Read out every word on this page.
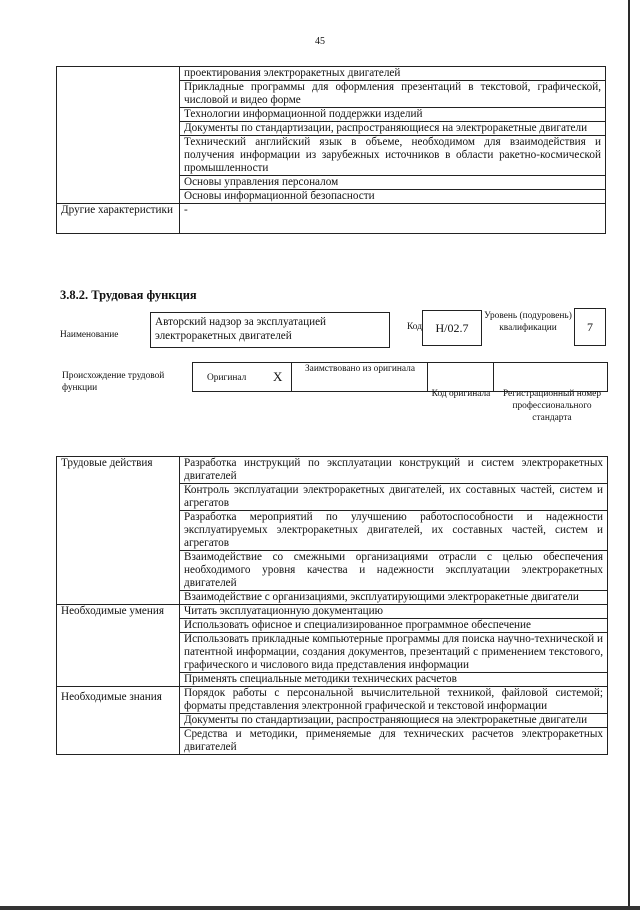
45
	проектирования электроракетных двигателей
	Прикладные программы для оформления презентаций в текстовой, графической, числовой и видео форме
	Технологии информационной поддержки изделий
	Документы по стандартизации, распространяющиеся на электроракетные двигатели
	Технический английский язык в объеме, необходимом для взаимодействия и получения информации из зарубежных источников в области ракетно-космической промышленности
	Основы управления персоналом
	Основы информационной безопасности
Другие характеристики	-
3.8.2. Трудовая функция
Наименование
Авторский надзор за эксплуатацией электроракетных двигателей
Код	H/02.7
Уровень (подуровень) квалификации	7
Происхождение трудовой функции
Оригинал X	Заимствовано из оригинала
Код оригинала	Регистрационный номер профессионального стандарта
Трудовые действия	Разработка инструкций по эксплуатации конструкций и систем электроракетных двигателей
	Контроль эксплуатации электроракетных двигателей, их составных частей, систем и агрегатов
	Разработка мероприятий по улучшению работоспособности и надежности эксплуатируемых электроракетных двигателей, их составных частей, систем и агрегатов
	Взаимодействие со смежными организациями отрасли с целью обеспечения необходимого уровня качества и надежности эксплуатации электроракетных двигателей
	Взаимодействие с организациями, эксплуатирующими электроракетные двигатели
Необходимые умения	Читать эксплуатационную документацию
	Использовать офисное и специализированное программное обеспечение
	Использовать прикладные компьютерные программы для поиска научно-технической и патентной информации, создания документов, презентаций с применением текстового, графического и числового вида представления информации
	Применять специальные методики технических расчетов
Необходимые знания	Порядок работы с персональной вычислительной техникой, файловой системой; форматы представления электронной графической и текстовой информации
	Документы по стандартизации, распространяющиеся на электроракетные двигатели
	Средства и методики, применяемые для технических расчетов электроракетных двигателей
